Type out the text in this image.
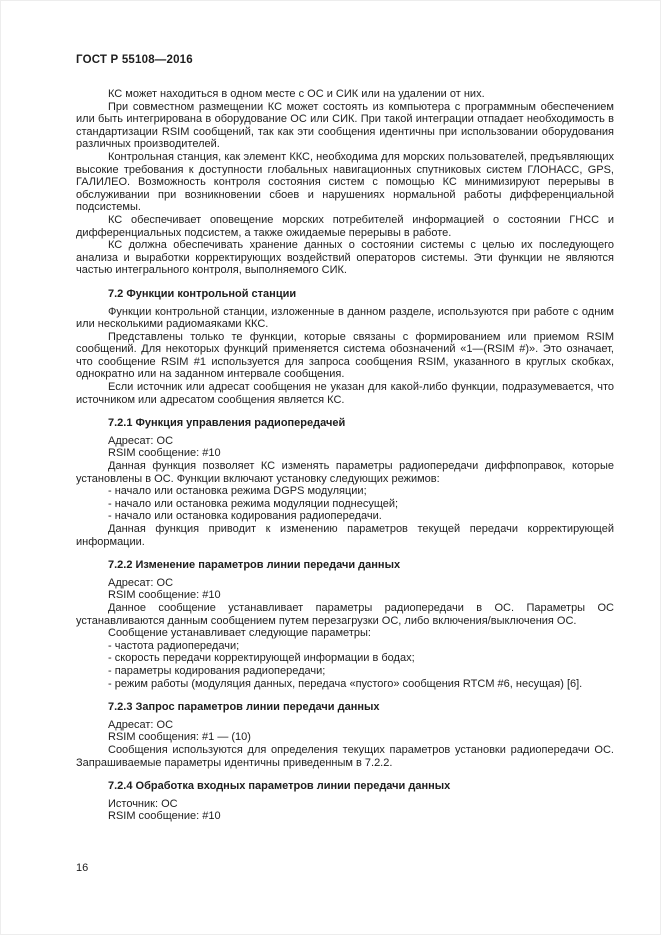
ГОСТ Р 55108—2016

КС может находиться в одном месте с ОС и СИК или на удалении от них.

При совместном размещении КС может состоять из компьютера с программным обеспечением или быть интегрирована в оборудование ОС или СИК. При такой интеграции отпадает необходимость в стандартизации RSIM сообщений, так как эти сообщения идентичны при использовании оборудования различных производителей.

Контрольная станция, как элемент ККС, необходима для морских пользователей, предъявляющих высокие требования к доступности глобальных навигационных спутниковых систем ГЛОНАСС, GPS, ГАЛИЛЕО. Возможность контроля состояния систем с помощью КС минимизируют перерывы в обслуживании при возникновении сбоев и нарушениях нормальной работы дифференциальной подсистемы.

КС обеспечивает оповещение морских потребителей информацией о состоянии ГНСС и дифференциальных подсистем, а также ожидаемые перерывы в работе.

КС должна обеспечивать хранение данных о состоянии системы с целью их последующего анализа и выработки корректирующих воздействий операторов системы. Эти функции не являются частью интегрального контроля, выполняемого СИК.

7.2 Функции контрольной станции

Функции контрольной станции, изложенные в данном разделе, используются при работе с одним или несколькими радиомаяками ККС.

Представлены только те функции, которые связаны с формированием или приемом RSIM сообщений. Для некоторых функций применяется система обозначений «1—(RSIM #)». Это означает, что сообщение RSIM #1 используется для запроса сообщения RSIM, указанного в круглых скобках, однократно или на заданном интервале сообщения.

Если источник или адресат сообщения не указан для какой-либо функции, подразумевается, что источником или адресатом сообщения является КС.

7.2.1 Функция управления радиопередачей

Адресат: ОС

RSIM сообщение: #10

Данная функция позволяет КС изменять параметры радиопередачи диффпоправок, которые установлены в ОС. Функции включают установку следующих режимов:

- начало или остановка режима DGPS модуляции;

- начало или остановка режима модуляции поднесущей;

- начало или остановка кодирования радиопередачи.

Данная функция приводит к изменению параметров текущей передачи корректирующей информации.

7.2.2 Изменение параметров линии передачи данных

Адресат: ОС

RSIM сообщение: #10

Данное сообщение устанавливает параметры радиопередачи в ОС. Параметры ОС устанавливаются данным сообщением путем перезагрузки ОС, либо включения/выключения ОС.

Сообщение устанавливает следующие параметры:

- частота радиопередачи;

- скорость передачи корректирующей информации в бодах;

- параметры кодирования радиопередачи;

- режим работы (модуляция данных, передача «пустого» сообщения RTCM #6, несущая) [6].

7.2.3 Запрос параметров линии передачи данных

Адресат: ОС

RSIM сообщения: #1 — (10)

Сообщения используются для определения текущих параметров установки радиопередачи ОС. Запрашиваемые параметры идентичны приведенным в 7.2.2.

7.2.4 Обработка входных параметров линии передачи данных

Источник: ОС

RSIM сообщение: #10

16
